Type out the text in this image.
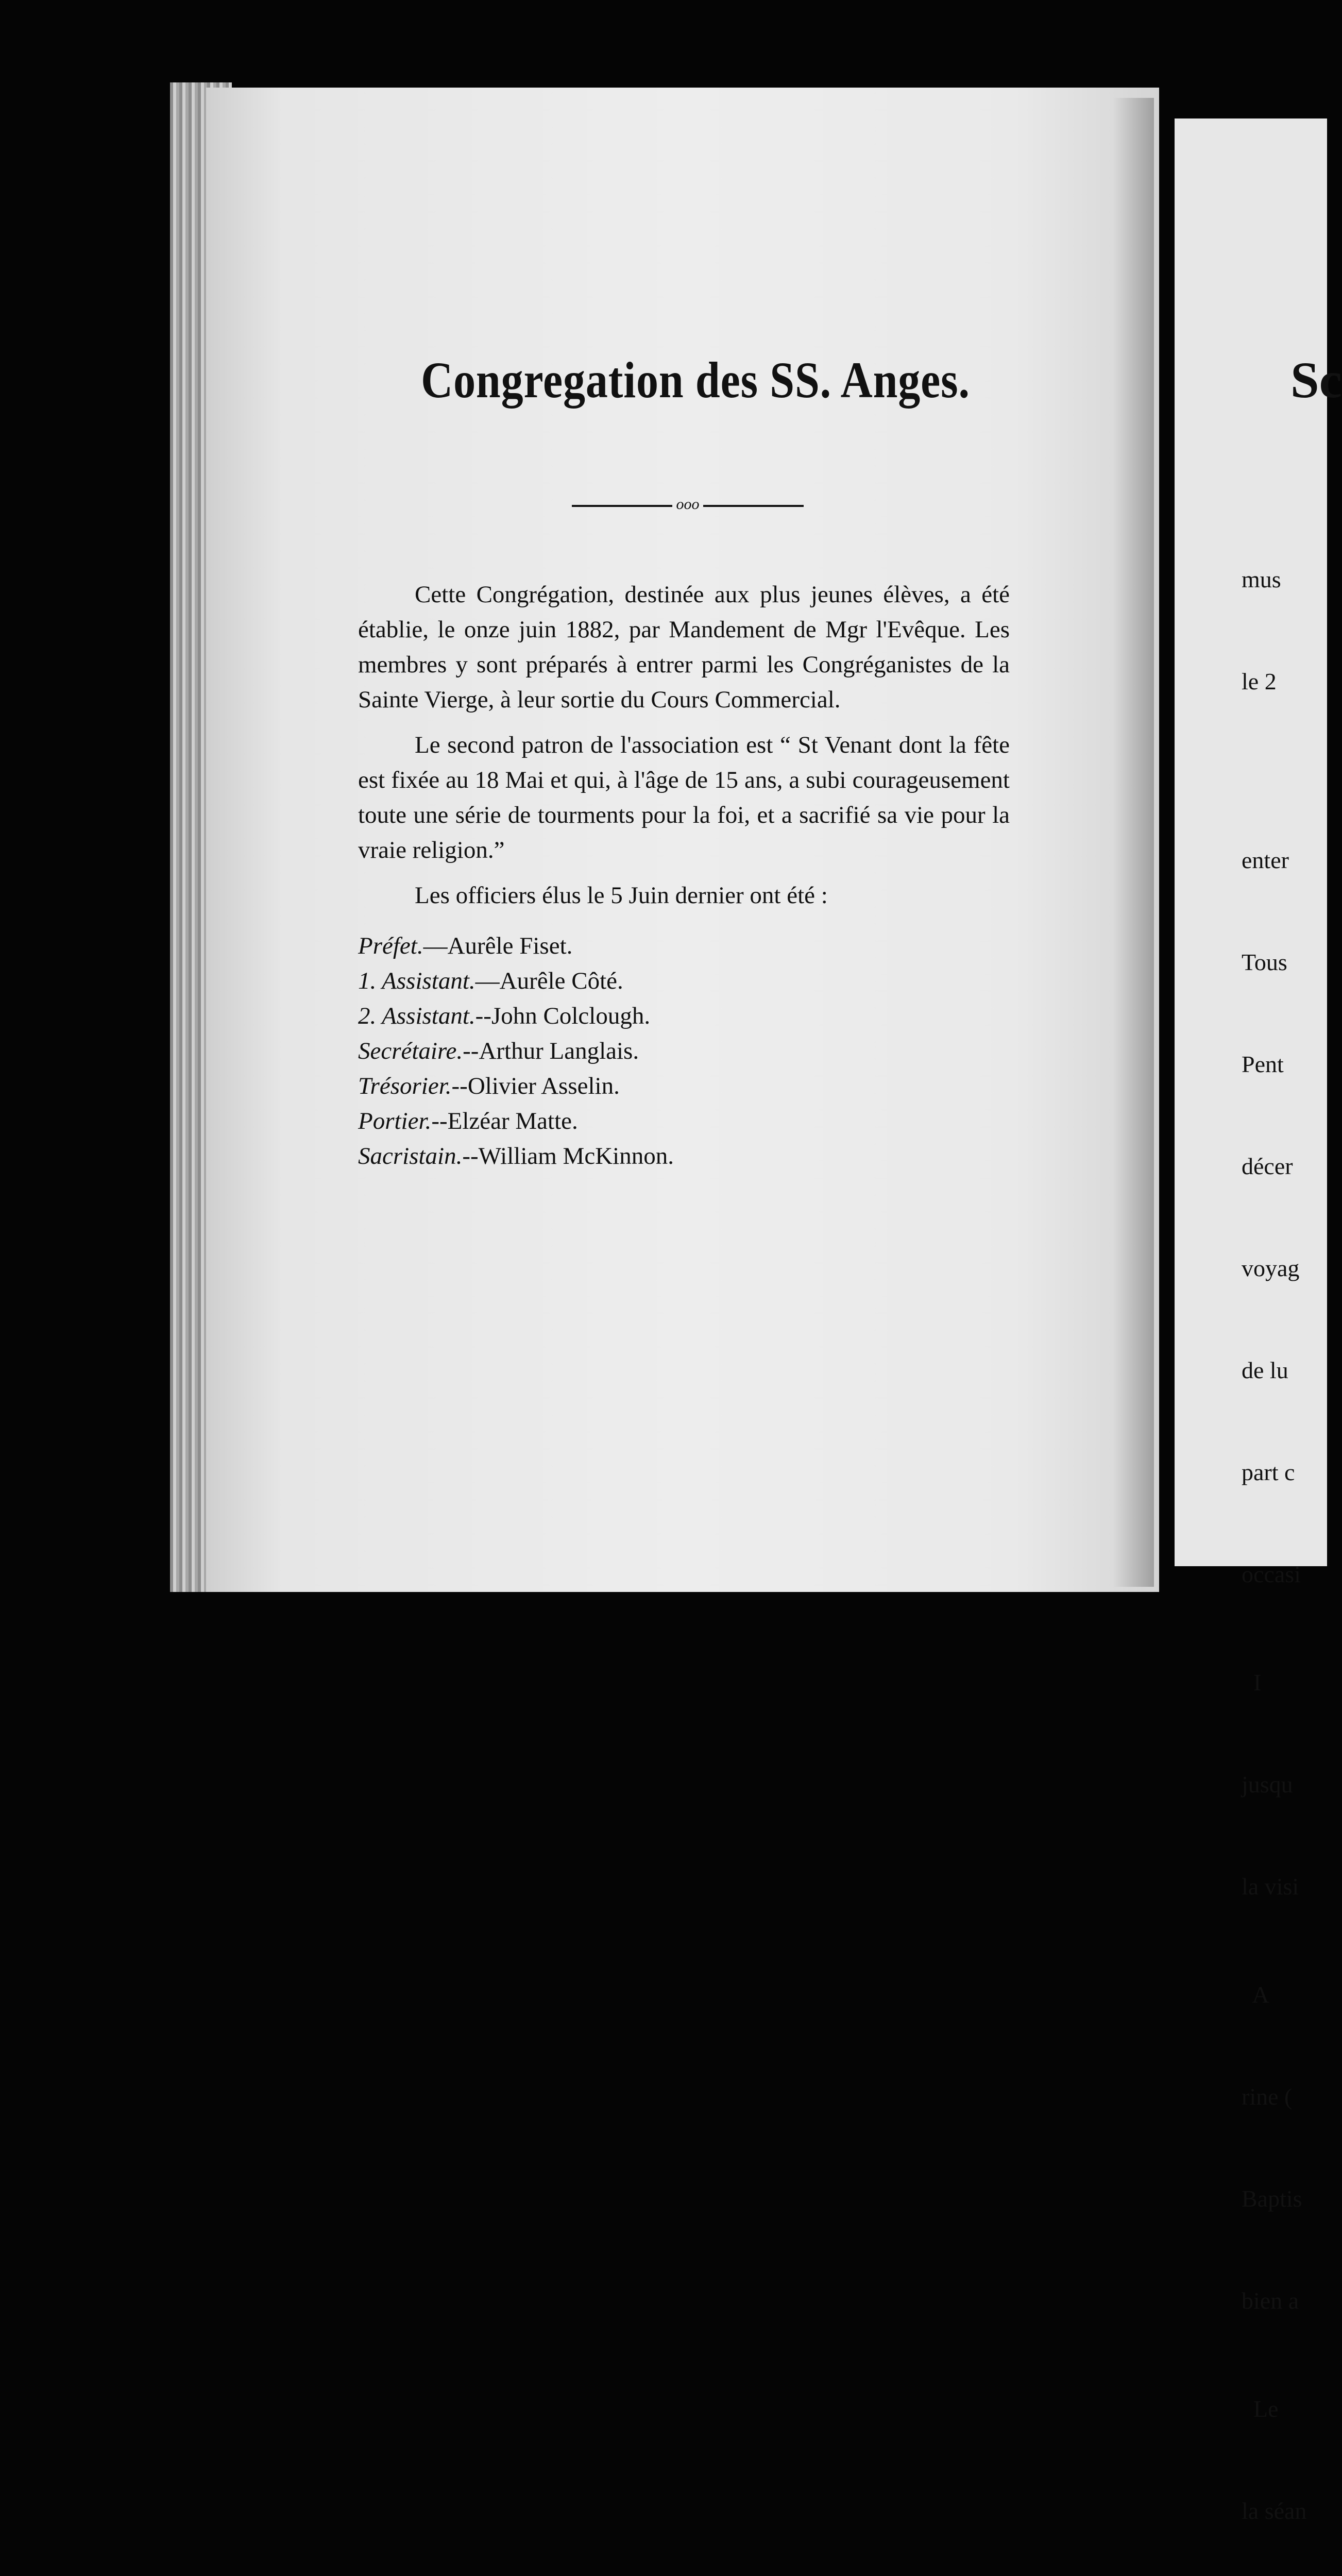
Congregation des SS. Anges.
ooo

Cette Congrégation, destinée aux plus jeunes élèves, a été établie, le onze juin 1882, par Mandement de Mgr l'Evêque. Les membres y sont préparés à entrer parmi les Congréganistes de la Sainte Vierge, à leur sortie du Cours Commercial.

Le second patron de l'association est “ St Venant dont la fête est fixée au 18 Mai et qui, à l'âge de 15 ans, a subi courageusement toute une série de tourments pour la foi, et a sacrifié sa vie pour la vraie religion.”

Les officiers élus le 5 Juin dernier ont été :

Préfet.—Aurêle Fiset.
1. Assistant.—Aurêle Côté.
2. Assistant.--John Colclough.
Secrétaire.--Arthur Langlais.
Trésorier.--Olivier Asselin.
Portier.--Elzéar Matte.
Sacristain.--William McKinnon.
Sc

mus

le 2

enter

Tous

Pent

décer

voyag

de lu

part c

occasi

I

jusqu

la visi

A

rine (

Baptis

bien a

Le

la séan
